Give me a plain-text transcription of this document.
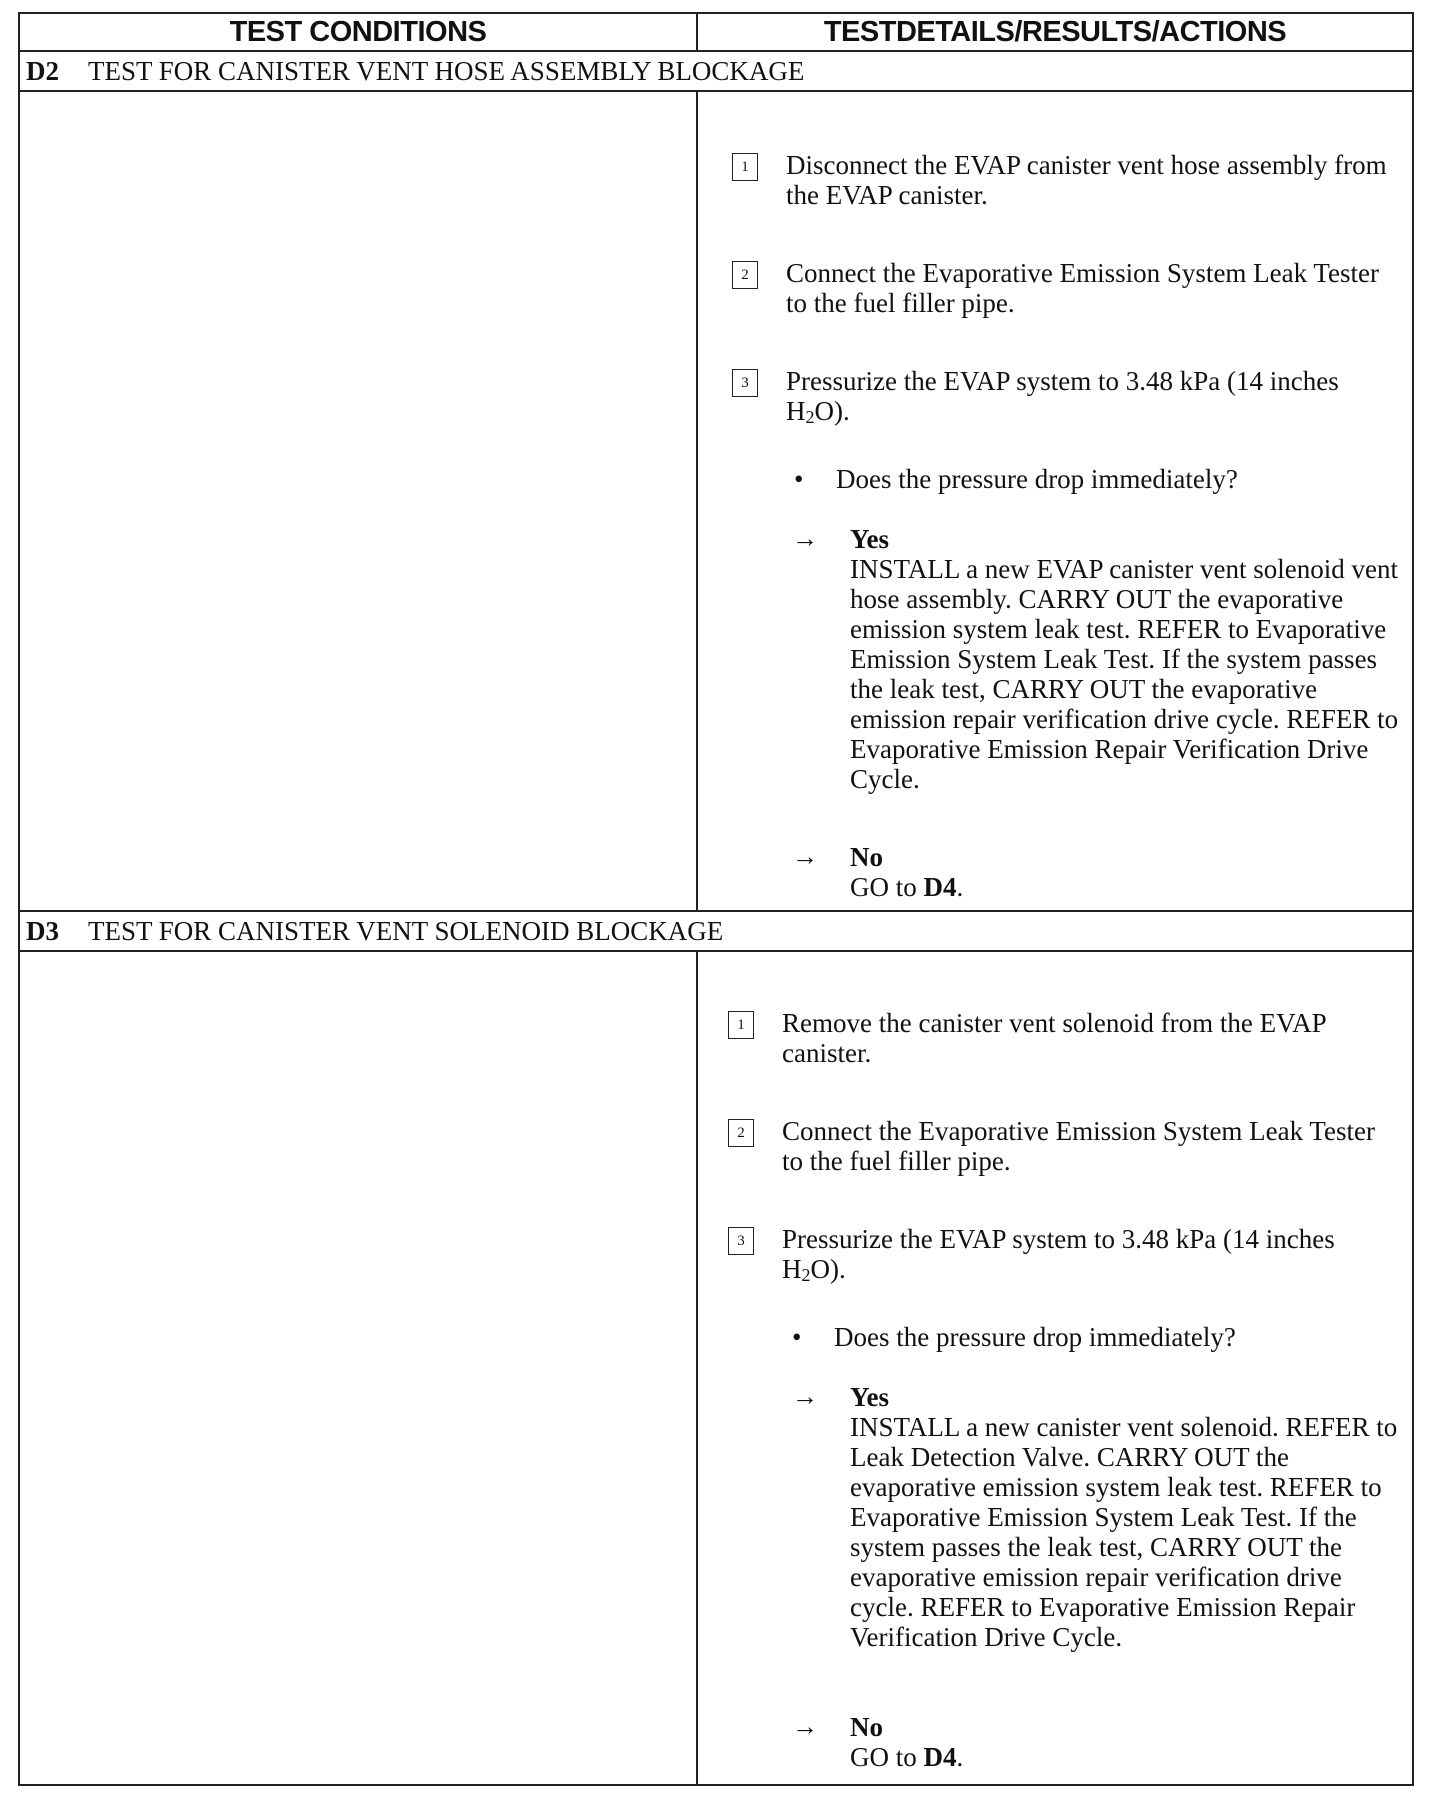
TEST CONDITIONS	TESTDETAILS/RESULTS/ACTIONS
D2	TEST FOR CANISTER VENT HOSE ASSEMBLY BLOCKAGE
1	Disconnect the EVAP canister vent hose assembly from the EVAP canister.
2	Connect the Evaporative Emission System Leak Tester to the fuel filler pipe.
3	Pressurize the EVAP system to 3.48 kPa (14 inches $H_2O$).
•	Does the pressure drop immediately?
→	Yes
INSTALL a new EVAP canister vent solenoid vent hose assembly. CARRY OUT the evaporative emission system leak test. REFER to Evaporative Emission System Leak Test. If the system passes the leak test, CARRY OUT the evaporative emission repair verification drive cycle. REFER to Evaporative Emission Repair Verification Drive Cycle.
→	No
GO to D4.
D3	TEST FOR CANISTER VENT SOLENOID BLOCKAGE
1	Remove the canister vent solenoid from the EVAP canister.
2	Connect the Evaporative Emission System Leak Tester to the fuel filler pipe.
3	Pressurize the EVAP system to 3.48 kPa (14 inches $H_2O$).
•	Does the pressure drop immediately?
→	Yes
INSTALL a new canister vent solenoid. REFER to Leak Detection Valve. CARRY OUT the evaporative emission system leak test. REFER to Evaporative Emission System Leak Test. If the system passes the leak test, CARRY OUT the evaporative emission repair verification drive cycle. REFER to Evaporative Emission Repair Verification Drive Cycle.
→	No
GO to D4.
